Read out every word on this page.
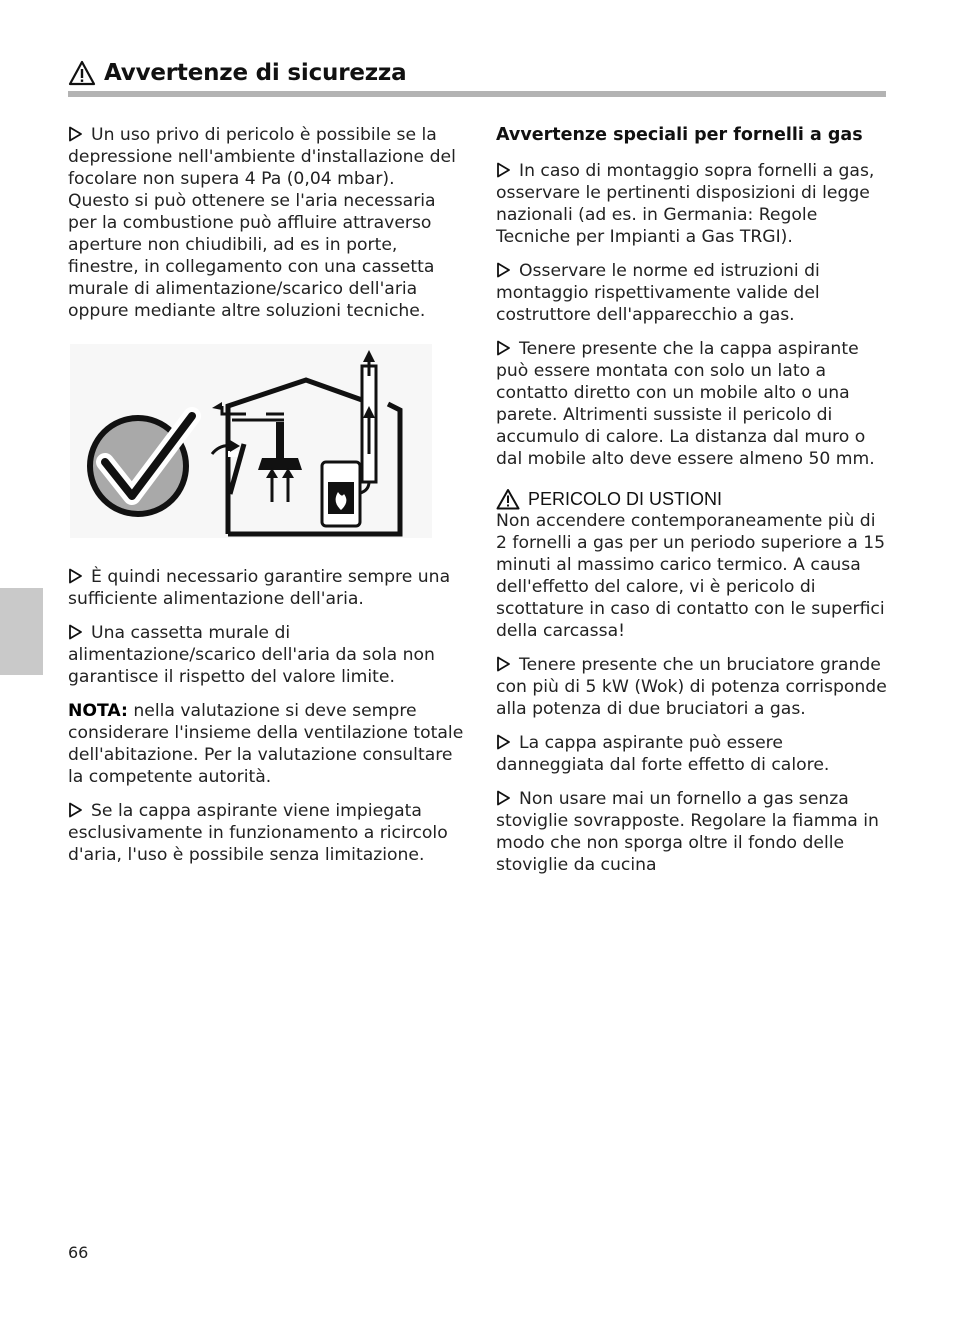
Avvertenze di sicurezza

Un uso privo di pericolo è possibile se la depressione nell'ambiente d'installazione del focolare non supera 4 Pa (0,04 mbar).

Questo si può ottenere se l'aria necessaria per la combustione può affluire attraverso aperture non chiudibili, ad es in porte, finestre, in collegamento con una cassetta murale di alimentazione/scarico dell'aria oppure mediante altre soluzioni tecniche.

È quindi necessario garantire sempre una sufficiente alimentazione dell'aria.

Una cassetta murale di alimentazione/scarico dell'aria da sola non garantisce il rispetto del valore limite.

NOTA: nella valutazione si deve sempre considerare l'insieme della ventilazione totale dell'abitazione. Per la valutazione consultare la competente autorità.

Se la cappa aspirante viene impiegata esclusivamente in funzionamento a ricircolo d'aria, l'uso è possibile senza limitazione.

Avvertenze speciali per fornelli a gas

In caso di montaggio sopra fornelli a gas, osservare le pertinenti disposizioni di legge nazionali (ad es. in Germania: Regole Tecniche per Impianti a Gas TRGI).

Osservare le norme ed istruzioni di montaggio rispettivamente valide del costruttore dell'apparecchio a gas.

Tenere presente che la cappa aspirante può essere montata con solo un lato a contatto diretto con un mobile alto o una parete. Altrimenti sussiste il pericolo di accumulo di calore. La distanza dal muro o dal mobile alto deve essere almeno 50 mm.

PERICOLO DI USTIONI

Non accendere contemporaneamente più di 2 fornelli a gas per un periodo superiore a 15 minuti al massimo carico termico. A causa dell'effetto del calore, vi è pericolo di scottature in caso di contatto con le superfici della carcassa!

Tenere presente che un bruciatore grande con più di 5 kW (Wok) di potenza corrisponde alla potenza di due bruciatori a gas.

La cappa aspirante può essere danneggiata dal forte effetto di calore.

Non usare mai un fornello a gas senza stoviglie sovrapposte. Regolare la fiamma in modo che non sporga oltre il fondo delle stoviglie da cucina

66
